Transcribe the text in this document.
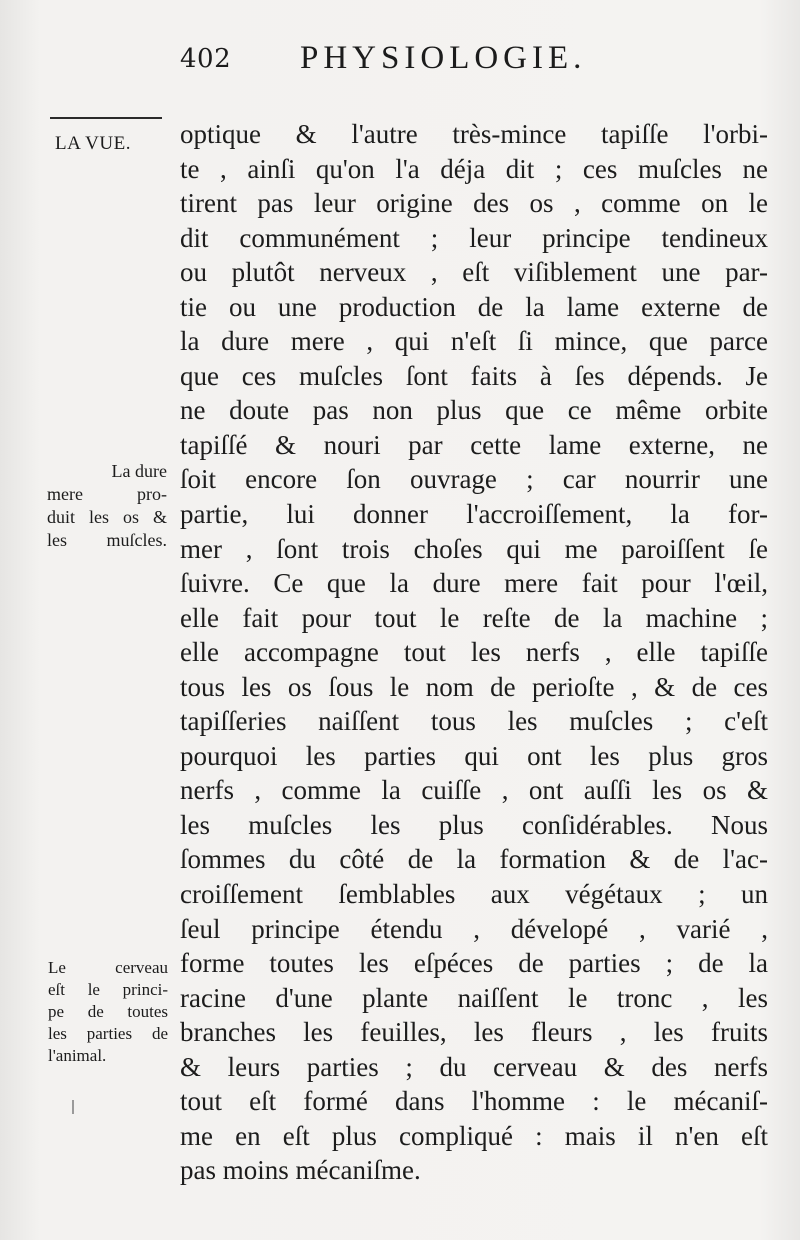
402 PHYSIOLOGIE.
LA VUE.
La dure
mere pro-
duit les os &
les muſcles.
Le cerveau
eſt le princi-
pe de toutes
les parties de
l'animal.
optique & l'autre très-mince tapiſſe l'orbi-
te , ainſi qu'on l'a déja dit ; ces muſcles ne
tirent pas leur origine des os , comme on le
dit communément ; leur principe tendineux
ou plutôt nerveux , eſt viſiblement une par-
tie ou une production de la lame externe de
la dure mere , qui n'eſt ſi mince, que parce
que ces muſcles ſont faits à ſes dépends. Je
ne doute pas non plus que ce même orbite
tapiſſé & nouri par cette lame externe, ne
ſoit encore ſon ouvrage ; car nourrir une
partie, lui donner l'accroiſſement, la for-
mer , ſont trois choſes qui me paroiſſent ſe
ſuivre. Ce que la dure mere fait pour l'œil,
elle fait pour tout le reſte de la machine ;
elle accompagne tout les nerfs , elle tapiſſe
tous les os ſous le nom de perioſte , & de ces
tapiſſeries naiſſent tous les muſcles ; c'eſt
pourquoi les parties qui ont les plus gros
nerfs , comme la cuiſſe , ont auſſi les os &
les muſcles les plus conſidérables. Nous
ſommes du côté de la formation & de l'ac-
croiſſement ſemblables aux végétaux ; un
ſeul principe étendu , dévelopé , varié ,
forme toutes les eſpéces de parties ; de la
racine d'une plante naiſſent le tronc , les
branches les feuilles, les fleurs , les fruits
& leurs parties ; du cerveau & des nerfs
tout eſt formé dans l'homme : le mécaniſ-
me en eſt plus compliqué : mais il n'en eſt
pas moins mécaniſme.
